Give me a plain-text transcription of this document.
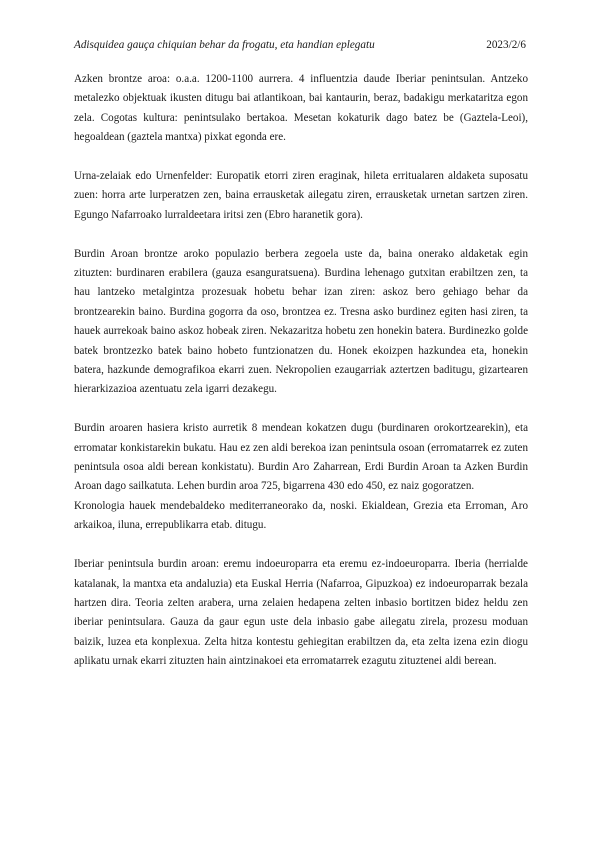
Adisquidea gauça chiquian behar da frogatu, eta handian eplegatu	2023/2/6

Azken brontze aroa: o.a.a. 1200-1100 aurrera. 4 influentzia daude Iberiar penintsulan. Antzeko metalezko objektuak ikusten ditugu bai atlantikoan, bai kantaurin, beraz, badakigu merkataritza egon zela. Cogotas kultura: penintsulako bertakoa. Mesetan kokaturik dago batez be (Gaztela-Leoi), hegoaldean (gaztela mantxa) pixkat egonda ere.

Urna-zelaiak edo Urnenfelder: Europatik etorri ziren eraginak, hileta erritualaren aldaketa suposatu zuen: horra arte lurperatzen zen, baina errausketak ailegatu ziren, errausketak urnetan sartzen ziren. Egungo Nafarroako lurraldeetara iritsi zen (Ebro haranetik gora).

Burdin Aroan brontze aroko populazio berbera zegoela uste da, baina onerako aldaketak egin zituzten: burdinaren erabilera (gauza esanguratsuena). Burdina lehenago gutxitan erabiltzen zen, ta hau lantzeko metalgintza prozesuak hobetu behar izan ziren: askoz bero gehiago behar da brontzearekin baino. Burdina gogorra da oso, brontzea ez. Tresna asko burdinez egiten hasi ziren, ta hauek aurrekoak baino askoz hobeak ziren. Nekazaritza hobetu zen honekin batera. Burdinezko golde batek brontzezko batek baino hobeto funtzionatzen du. Honek ekoizpen hazkundea eta, honekin batera, hazkunde demografikoa ekarri zuen. Nekropolien ezaugarriak aztertzen baditugu, gizartearen hierarkizazioa azentuatu zela igarri dezakegu.

Burdin aroaren hasiera kristo aurretik 8 mendean kokatzen dugu (burdinaren orokortzearekin), eta erromatar konkistarekin bukatu. Hau ez zen aldi berekoa izan penintsula osoan (erromatarrek ez zuten penintsula osoa aldi berean konkistatu). Burdin Aro Zaharrean, Erdi Burdin Aroan ta Azken Burdin Aroan dago sailkatuta. Lehen burdin aroa 725, bigarrena 430 edo 450, ez naiz gogoratzen.

Kronologia hauek mendebaldeko mediterraneorako da, noski. Ekialdean, Grezia eta Erroman, Aro arkaikoa, iluna, errepublikarra etab. ditugu.

Iberiar penintsula burdin aroan: eremu indoeuroparra eta eremu ez-indoeuroparra. Iberia (herrialde katalanak, la mantxa eta andaluzia) eta Euskal Herria (Nafarroa, Gipuzkoa) ez indoeuroparrak bezala hartzen dira. Teoria zelten arabera, urna zelaien hedapena zelten inbasio bortitzen bidez heldu zen iberiar penintsulara. Gauza da gaur egun uste dela inbasio gabe ailegatu zirela, prozesu moduan baizik, luzea eta konplexua. Zelta hitza kontestu gehiegitan erabiltzen da, eta zelta izena ezin diogu aplikatu urnak ekarri zituzten hain aintzinakoei eta erromatarrek ezagutu zituztenei aldi berean.
